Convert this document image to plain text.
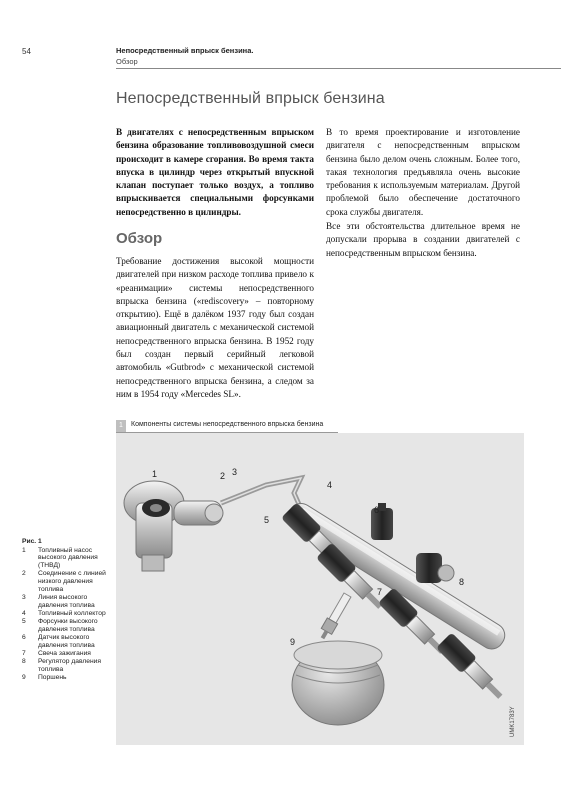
54	Непосредственный впрыск бензина.
Обзор
Непосредственный впрыск бензина
В двигателях с непосредственным впрыском бензина образование топливовоздушной смеси происходит в камере сгорания. Во время такта впуска в цилиндр через открытый впускной клапан поступает только воздух, а топливо впрыскивается специальными форсунками непосредственно в цилиндры.
Обзор
Требование достижения высокой мощности двигателей при низком расходе топлива привело к «реанимации» системы непосредственного впрыска бензина («rediscovery» – повторному открытию). Ещё в далёком 1937 году был создан авиационный двигатель с механической системой непосредственного впрыска бензина. В 1952 году был создан первый серийный легковой автомобиль «Gutbrod» с механической системой непосредственного впрыска бензина, а следом за ним в 1954 году «Mercedes SL».
В то время проектирование и изготовление двигателя с непосредственным впрыском бензина было делом очень сложным. Более того, такая технология предъявляла очень высокие требования к используемым материалам. Другой проблемой было обеспечение достаточного срока службы двигателя.
Все эти обстоятельства длительное время не допускали прорыва в создании двигателей с непосредственным впрыском бензина.
1	Компоненты системы непосредственного впрыска бензина
1	2 3
4
5
6
7
8
9
UMK1783Y
Рис. 1
1	Топливный насос высокого давления (ТНВД)
2	Соединение с линией низкого давления топлива
3	Линия высокого давления топлива
4	Топливный коллектор
5	Форсунки высокого давления топлива
6	Датчик высокого давления топлива
7	Свеча зажигания
8	Регулятор давления топлива
9	Поршень
